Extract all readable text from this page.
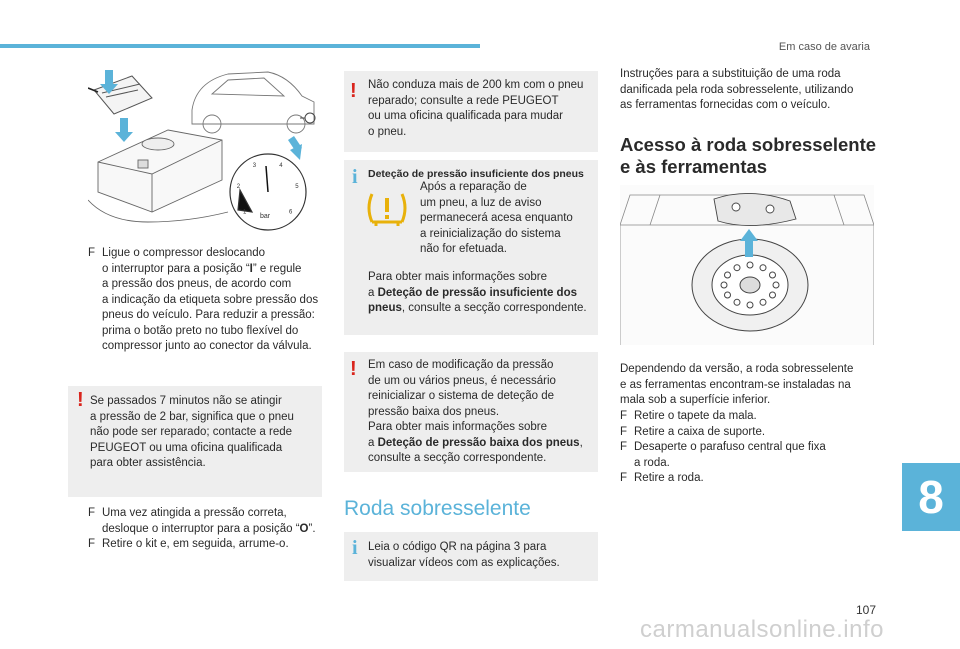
Em caso de avaria
bar
1
2
3	4
5
6
F Ligue o compressor deslocando
o interruptor para a posição “I” e regule
a pressão dos pneus, de acordo com
a indicação da etiqueta sobre pressão dos
pneus do veículo. Para reduzir a pressão:
prima o botão preto no tubo flexível do
compressor junto ao conector da válvula.
! Se passados 7 minutos não se atingir
a pressão de 2 bar, significa que o pneu
não pode ser reparado; contacte a rede
PEUGEOT ou uma oficina qualificada
para obter assistência.
F Uma vez atingida a pressão correta,
desloque o interruptor para a posição “O”.
F Retire o kit e, em seguida, arrume-o.
! Não conduza mais de 200 km com o pneu
reparado; consulte a rede PEUGEOT
ou uma oficina qualificada para mudar
o pneu.
i Deteção de pressão insuficiente dos pneus
Após a reparação de
um pneu, a luz de aviso
permanecerá acesa enquanto
a reinicialização do sistema
não for efetuada.
Para obter mais informações sobre
a Deteção de pressão insuficiente dos
pneus, consulte a secção correspondente.
! Em caso de modificação da pressão
de um ou vários pneus, é necessário
reinicializar o sistema de deteção de
pressão baixa dos pneus.
Para obter mais informações sobre
a Deteção de pressão baixa dos pneus,
consulte a secção correspondente.
Roda sobresselente
i Leia o código QR na página 3 para
visualizar vídeos com as explicações.
Instruções para a substituição de uma roda
danificada pela roda sobresselente, utilizando
as ferramentas fornecidas com o veículo.
Acesso à roda sobresselente
e às ferramentas
Dependendo da versão, a roda sobresselente
e as ferramentas encontram-se instaladas na
mala sob a superfície inferior.
F Retire o tapete da mala.
F Retire a caixa de suporte.
F Desaperte o parafuso central que fixa
a roda.
F Retire a roda.	8
107
carmanualsonline.info
